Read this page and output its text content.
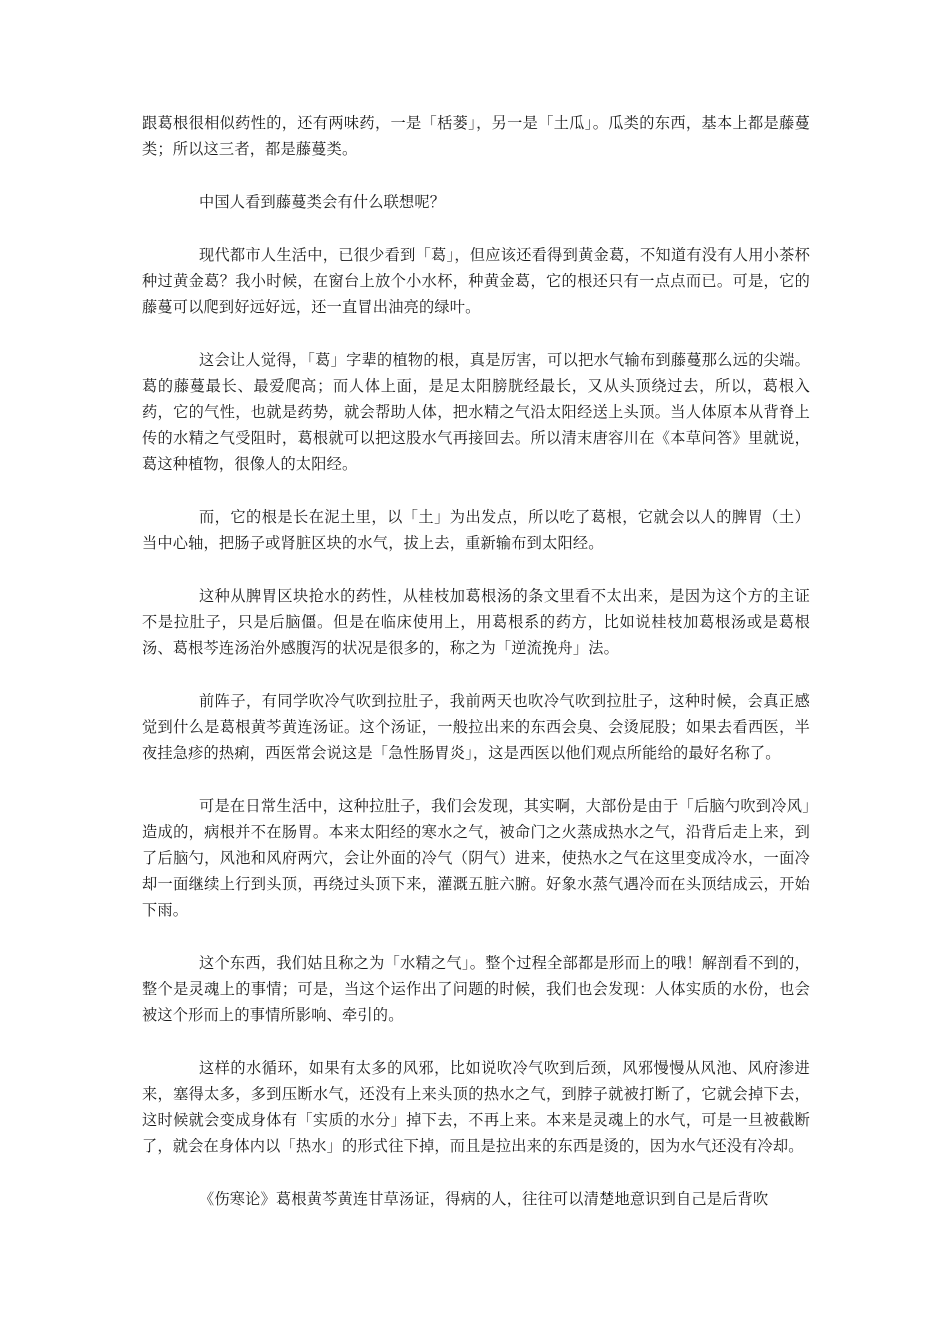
跟葛根很相似药性的，还有两味药，一是「栝蒌」，另一是「土瓜」。瓜类的东西，基本上都是藤蔓类；所以这三者，都是藤蔓类。

中国人看到藤蔓类会有什么联想呢？

现代都市人生活中，已很少看到「葛」，但应该还看得到黄金葛，不知道有没有人用小茶杯种过黄金葛？我小时候，在窗台上放个小水杯，种黄金葛，它的根还只有一点点而已。可是，它的藤蔓可以爬到好远好远，还一直冒出油亮的绿叶。

这会让人觉得，「葛」字辈的植物的根，真是厉害，可以把水气输布到藤蔓那么远的尖端。葛的藤蔓最长、最爱爬高；而人体上面，是足太阳膀胱经最长，又从头顶绕过去，所以，葛根入药，它的气性，也就是药势，就会帮助人体，把水精之气沿太阳经送上头顶。当人体原本从背脊上传的水精之气受阻时，葛根就可以把这股水气再接回去。所以清末唐容川在《本草问答》里就说，葛这种植物，很像人的太阳经。

而，它的根是长在泥土里，以「土」为出发点，所以吃了葛根，它就会以人的脾胃（土）当中心轴，把肠子或肾脏区块的水气，拔上去，重新输布到太阳经。

这种从脾胃区块抢水的药性，从桂枝加葛根汤的条文里看不太出来，是因为这个方的主证不是拉肚子，只是后脑僵。但是在临床使用上，用葛根系的药方，比如说桂枝加葛根汤或是葛根汤、葛根芩连汤治外感腹泻的状况是很多的，称之为「逆流挽舟」法。

前阵子，有同学吹冷气吹到拉肚子，我前两天也吹冷气吹到拉肚子，这种时候，会真正感觉到什么是葛根黄芩黄连汤证。这个汤证，一般拉出来的东西会臭、会烫屁股；如果去看西医，半夜挂急疹的热痢，西医常会说这是「急性肠胃炎」，这是西医以他们观点所能给的最好名称了。

可是在日常生活中，这种拉肚子，我们会发现，其实啊，大部份是由于「后脑勺吹到冷风」造成的，病根并不在肠胃。本来太阳经的寒水之气，被命门之火蒸成热水之气，沿背后走上来，到了后脑勺，风池和风府两穴，会让外面的冷气（阴气）进来，使热水之气在这里变成冷水，一面冷却一面继续上行到头顶，再绕过头顶下来，灌溉五脏六腑。好象水蒸气遇冷而在头顶结成云，开始下雨。

这个东西，我们姑且称之为「水精之气」。整个过程全部都是形而上的哦！解剖看不到的，整个是灵魂上的事情；可是，当这个运作出了问题的时候，我们也会发现：人体实质的水份，也会被这个形而上的事情所影响、牵引的。

这样的水循环，如果有太多的风邪，比如说吹冷气吹到后颈，风邪慢慢从风池、风府渗进来，塞得太多，多到压断水气，还没有上来头顶的热水之气，到脖子就被打断了，它就会掉下去，这时候就会变成身体有「实质的水分」掉下去，不再上来。本来是灵魂上的水气，可是一旦被截断了，就会在身体内以「热水」的形式往下掉，而且是拉出来的东西是烫的，因为水气还没有冷却。

《伤寒论》葛根黄芩黄连甘草汤证，得病的人，往往可以清楚地意识到自己是后背吹
